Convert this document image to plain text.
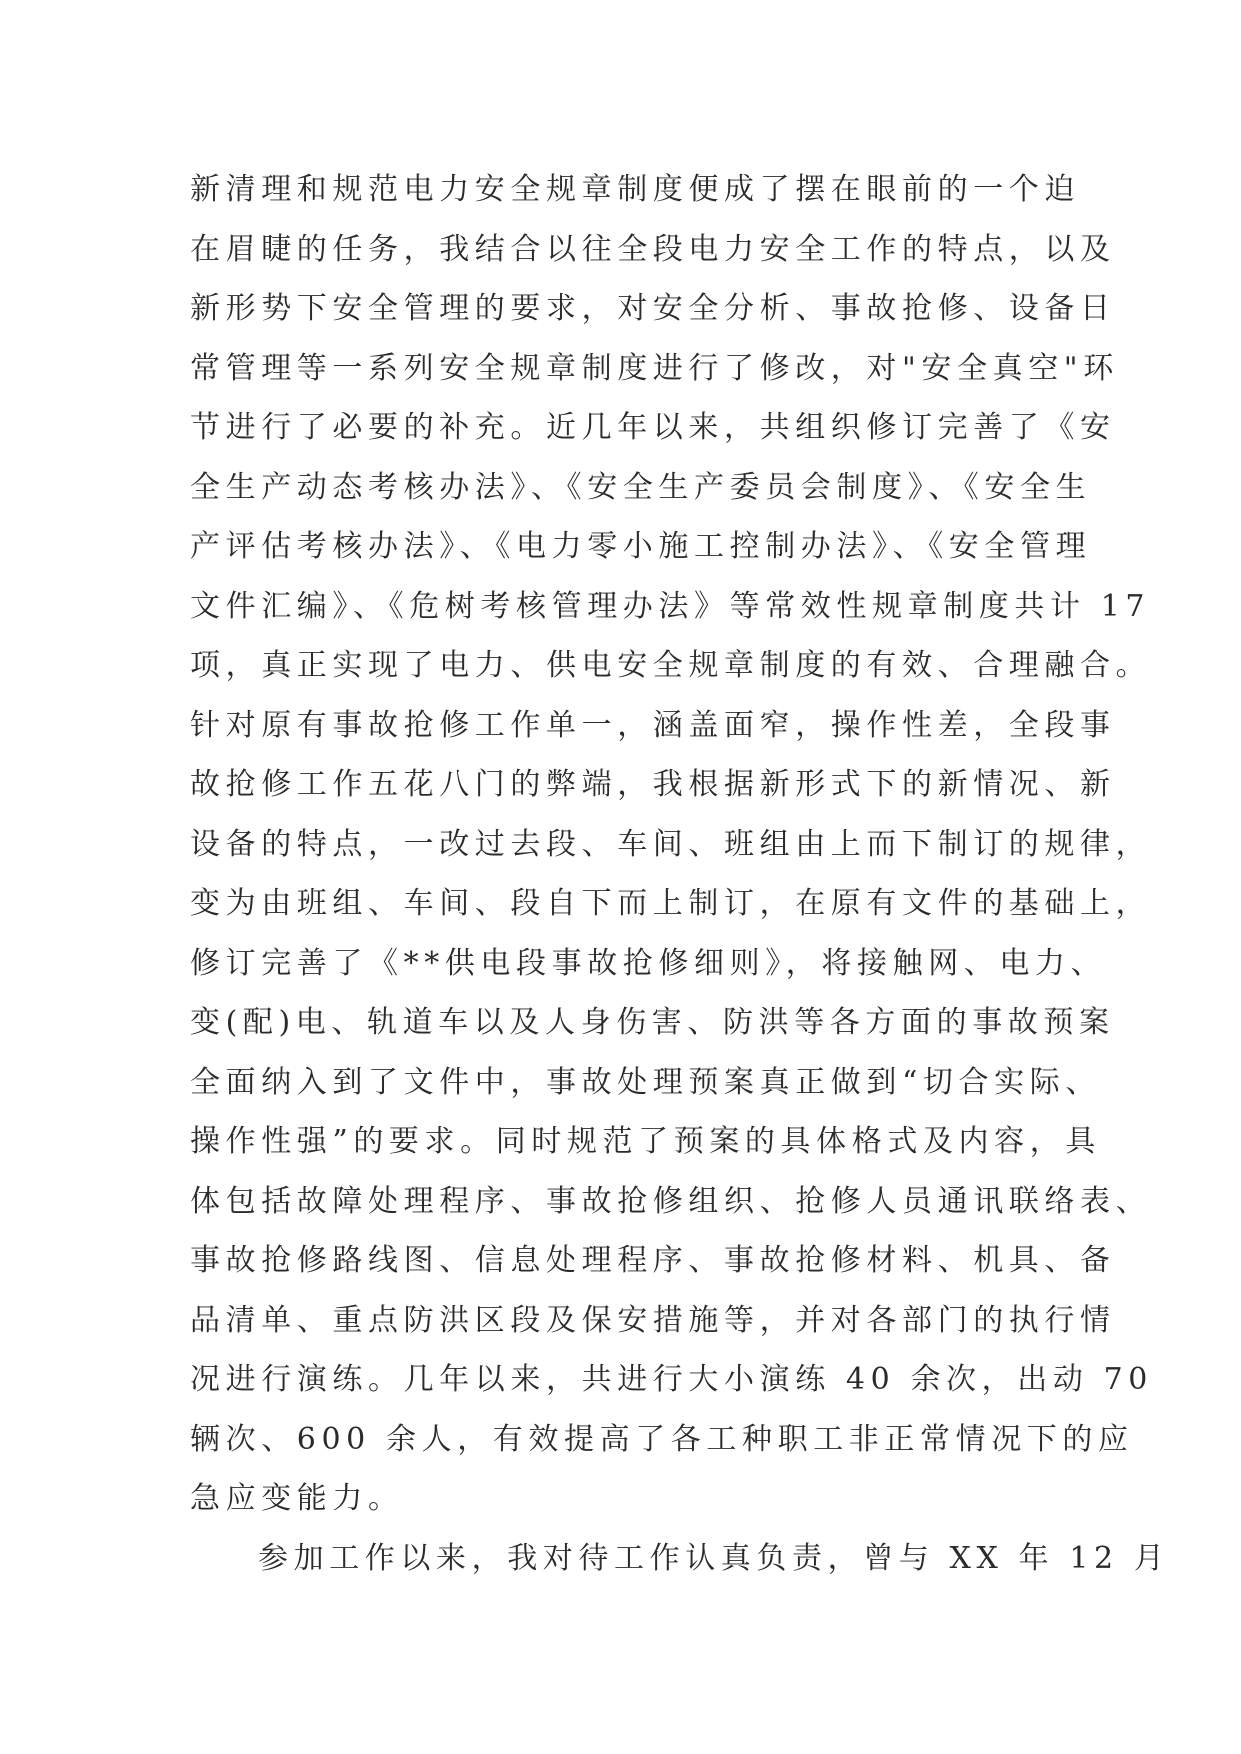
新清理和规范电力安全规章制度便成了摆在眼前的一个迫
在眉睫的任务，我结合以往全段电力安全工作的特点，以及
新形势下安全管理的要求，对安全分析、事故抢修、设备日
常管理等一系列安全规章制度进行了修改，对"安全真空"环
节进行了必要的补充。近几年以来，共组织修订完善了《安
全生产动态考核办法》、《安全生产委员会制度》、《安全生
产评估考核办法》、《电力零小施工控制办法》、《安全管理
文件汇编》、《危树考核管理办法》等常效性规章制度共计 17
项，真正实现了电力、供电安全规章制度的有效、合理融合。
针对原有事故抢修工作单一，涵盖面窄，操作性差，全段事
故抢修工作五花八门的弊端，我根据新形式下的新情况、新
设备的特点，一改过去段、车间、班组由上而下制订的规律，
变为由班组、车间、段自下而上制订，在原有文件的基础上，
修订完善了《**供电段事故抢修细则》，将接触网、电力、
变(配)电、轨道车以及人身伤害、防洪等各方面的事故预案
全面纳入到了文件中，事故处理预案真正做到“切合实际、
操作性强”的要求。同时规范了预案的具体格式及内容，具
体包括故障处理程序、事故抢修组织、抢修人员通讯联络表、
事故抢修路线图、信息处理程序、事故抢修材料、机具、备
品清单、重点防洪区段及保安措施等，并对各部门的执行情
况进行演练。几年以来，共进行大小演练 40 余次，出动 70
辆次、600 余人，有效提高了各工种职工非正常情况下的应
急应变能力。
参加工作以来，我对待工作认真负责，曾与 XX 年 12 月
